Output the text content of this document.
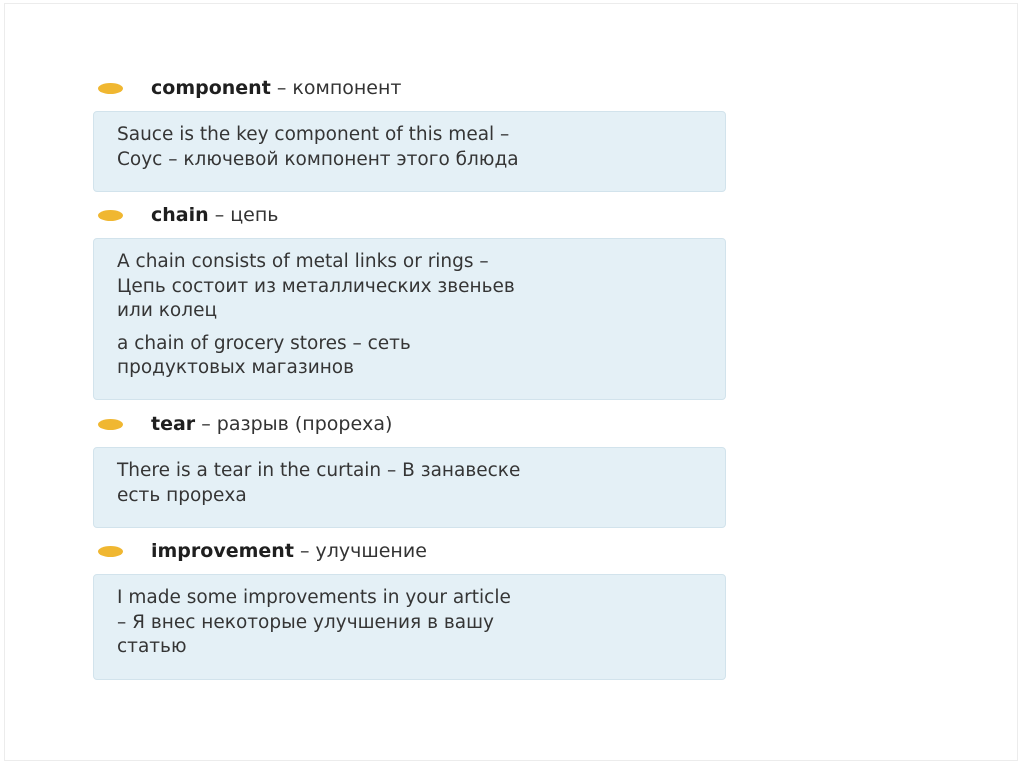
component
–
компонент

Sauce is the key component of this meal –

Соус – ключевой компонент этого блюда

chain
–
цепь

A chain consists of metal links or rings –

Цепь состоит из металлических звеньев

или колец

a chain of grocery stores – сеть

продуктовых магазинов

tear
–
разрыв (прореха)

There is a tear in the curtain – В занавеске

есть прореха

improvement
–
улучшение

I made some improvements in your article

– Я внес некоторые улучшения в вашу

статью
